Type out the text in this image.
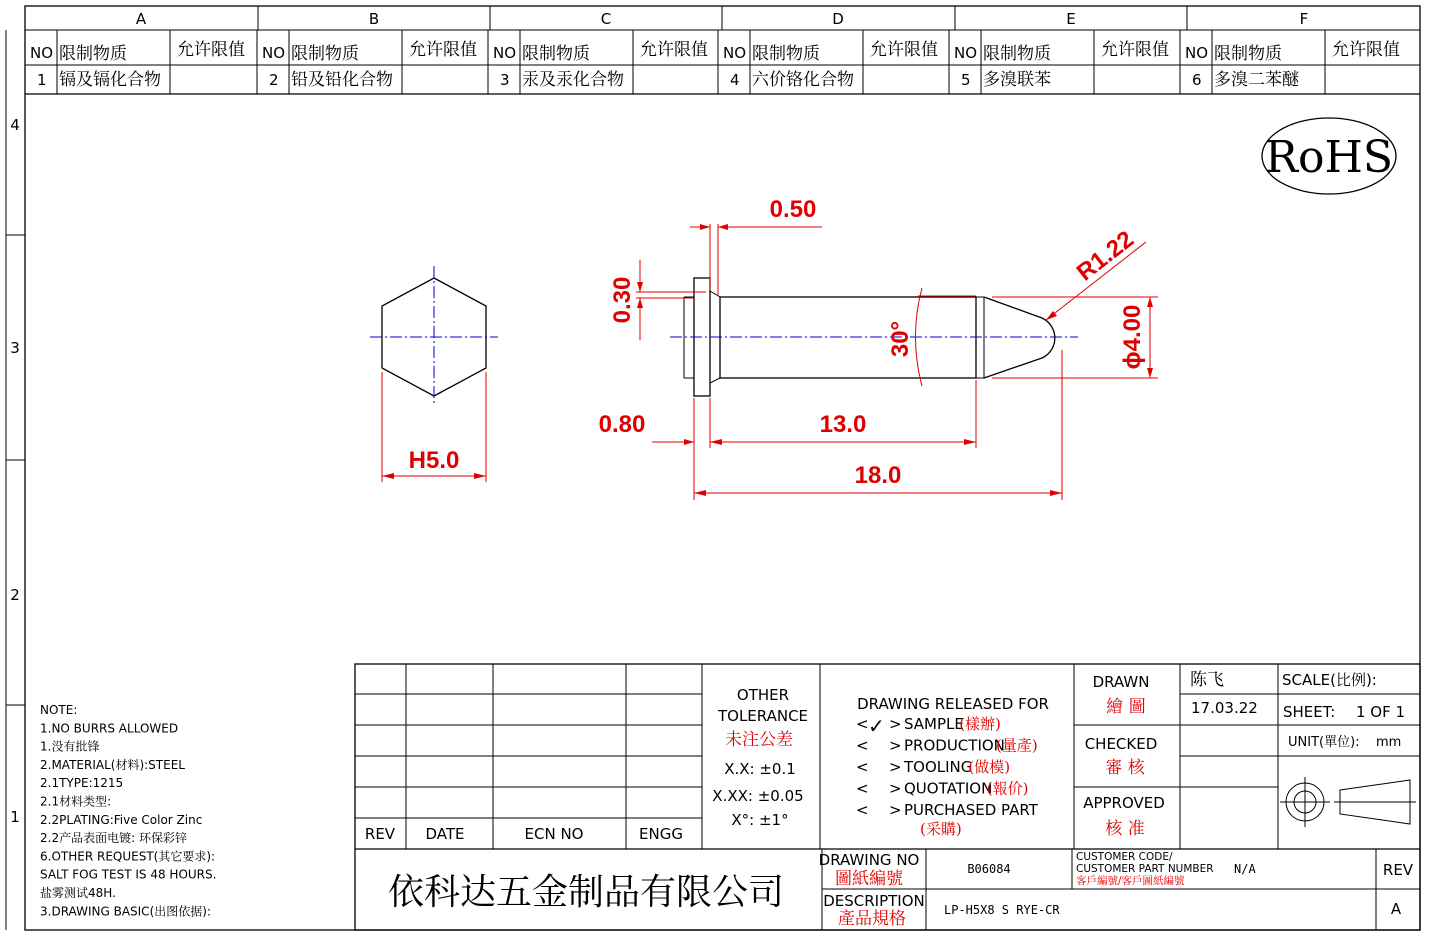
A	B	C	D	E	F
4
3
2
1
NO 限制物质	允许限值
1 镉及镉化合物
NO 限制物质	允许限值
2 铅及铅化合物
NO 限制物质	允许限值
3 汞及汞化合物
NO 限制物质	允许限值
4 六价铬化合物
NO 限制物质	允许限值
5 多溴联苯
NO 限制物质	允许限值
6 多溴二苯醚
RoHS
H5.0
0.50
0.30
R1.22
30°	ϕ4.00
0.80	13.0
18.0
NOTE:
1.NO BURRS ALLOWED
1.没有批锋
2.MATERIAL(材料):STEEL
2.1TYPE:1215
2.1材料类型:
2.2PLATING:Five Color Zinc
2.2产品表面电镀: 环保彩锌
6.OTHER REQUEST(其它要求):
SALT FOG TEST IS 48 HOURS.
盐雾测试48H.
3.DRAWING BASIC(出图依据):
REV DATE	ECN NO	ENGG
OTHER
TOLERANCE
未注公差
X.X: ±0.1
X.XX: ±0.05
X°: ±1°
DRAWING RELEASED FOR
< >
✓ SAMPLE
(樣辦)
< > PRODUCTION
(量產)
< > TOOLING
(做模)
< > QUOTATION
(報价)
< > PURCHASED PART
(采購)
DRAWN
繪 圖
陈飞
17.03.22
CHECKED
審 核
APPROVED
核 准
SCALE(比例):
SHEET: 1 OF 1
UNIT(單位): mm
依科达五金制品有限公司
DRAWING NO
圖紙編號	B06084
CUSTOMER CODE/
CUSTOMER PART NUMBER
客戶編號/客戶圖紙編號
N/A	REV
A
DESCRIPTION
產品規格	LP-H5X8 S RYE-CR
